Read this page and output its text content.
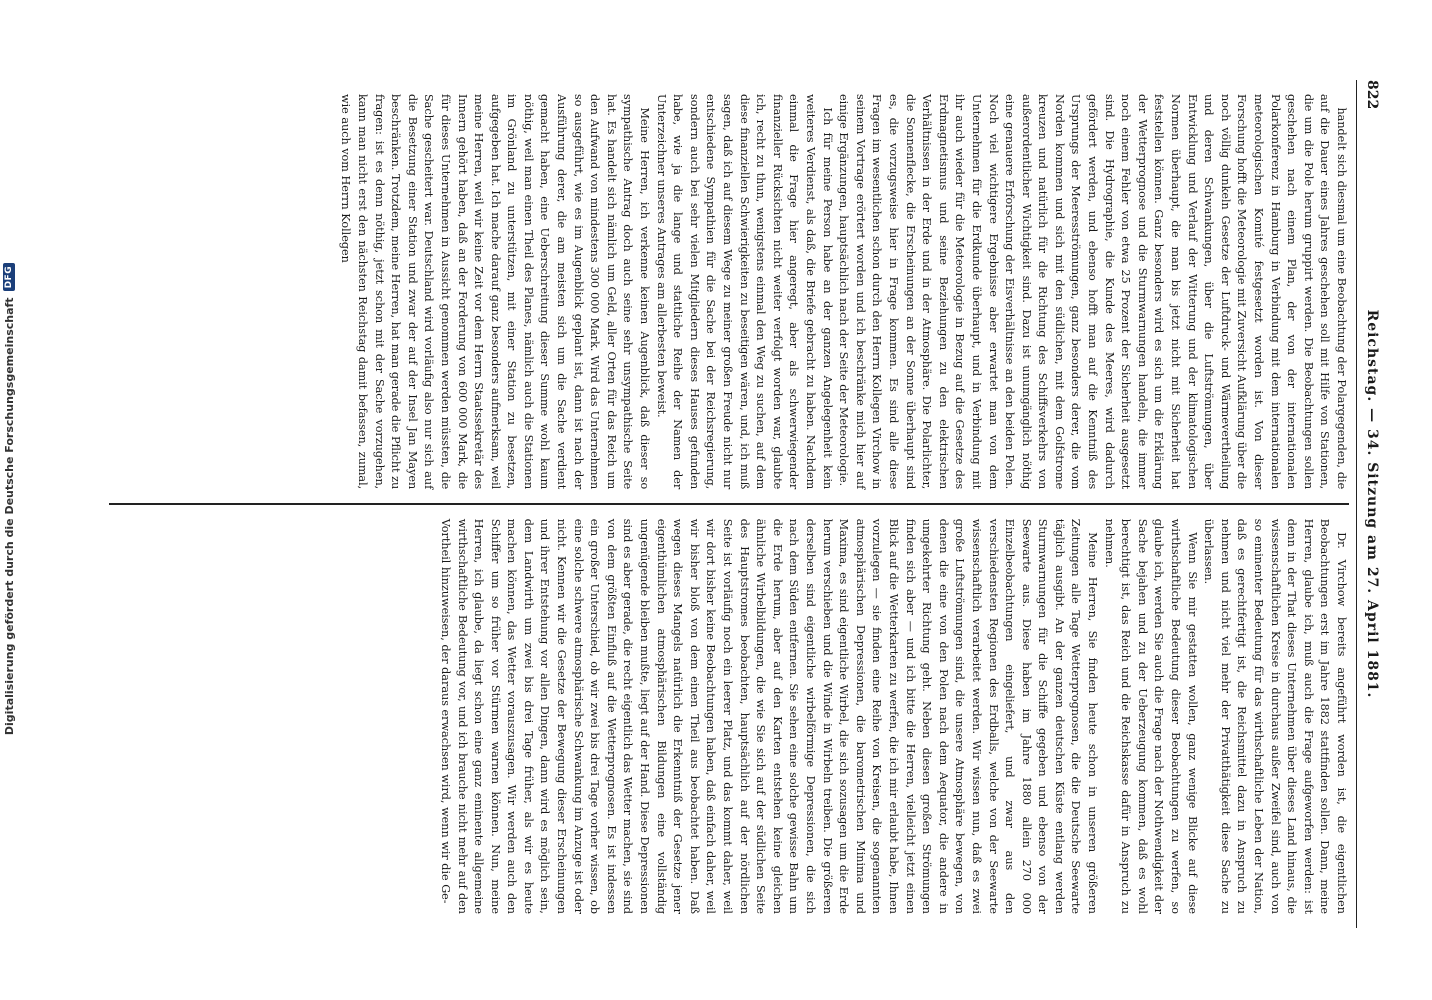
Digitalisierung gefördert durch die Deutsche Forschungsgemeinschaft
DFG
822
Reichstag. — 34. Sitzung am 27. April 1881.

handelt sich diesmal um eine Beobachtung der Polargegenden, die auf die Dauer eines Jahres geschehen soll mit Hilfe von Stationen, die um die Pole herum gruppirt werden. Die Beobachtungen sollen geschehen nach einem Plan, der von der internationalen Polarkonferenz in Hamburg in Verbindung mit dem internationalen meteorologischen Komité festgesetzt worden ist. Von dieser Forschung hofft die Meteorologie mit Zuversicht Aufklärung über die noch völlig dunkeln Gesetze der Luftdruck- und Wärmevertheilung und deren Schwankungen, über die Luftströmungen, über Entwicklung und Verlauf der Witterung und der klimatologischen Normen überhaupt, die man bis jetzt nicht mit Sicherheit hat feststellen können. Ganz besonders wird es sich um die Erklärung der Wetterprognose und die Sturmwarnungen handeln, die immer noch einem Fehler von etwa 25 Prozent der Sicherheit ausgesetzt sind. Die Hydrographie, die Kunde des Meeres, wird dadurch gefördert werden, und ebenso hofft man auf die Kenntniß des Ursprungs der Meeresströmungen, ganz besonders derer, die vom Norden kommen und sich mit den südlichen, mit dem Golfstrome kreuzen und natürlich für die Richtung des Schiffsverkehrs von außerordentlicher Wichtigkeit sind. Dazu ist unumgänglich nöthig eine genauere Erforschung der Eisverhältnisse an den beiden Polen. Noch viel wichtigere Ergebnisse aber erwartet man von dem Unternehmen für die Erdkunde überhaupt, und in Verbindung mit ihr auch wieder für die Meteorologie in Bezug auf die Gesetze des Erdmagnetismus und seine Beziehungen zu den elektrischen Verhältnissen in der Erde und in der Atmosphäre. Die Polarlichter, die Sonnenflecke, die Erscheinungen an der Sonne überhaupt sind es, die vorzugsweise hier in Frage kommen. Es sind alle diese Fragen im wesentlichen schon durch den Herrn Kollegen Virchow in seinem Vortrage erörtert worden und ich beschränke mich hier auf einige Ergänzungen, hauptsächlich nach der Seite der Meteorologie.

Ich für meine Person habe an der ganzen Angelegenheit kein weiteres Verdienst, als daß, die Briefe gebracht zu haben. Nachdem einmal die Frage hier angeregt, aber als schwerwiegender finanzieller Rücksichten nicht weiter verfolgt worden war, glaubte ich, recht zu thun, wenigstens einmal den Weg zu suchen, auf dem diese finanziellen Schwierigkeiten zu beseitigen wären, und, ich muß sagen, daß ich auf diesem Wege zu meiner großen Freude nicht nur entschiedene Sympathien für die Sache bei der Reichsregierung, sondern auch bei sehr vielen Mitgliedern dieses Hauses gefunden habe, wie ja die lange und stattliche Reihe der Namen der Unterzeichner unseres Antrages am allerbesten beweist.

Meine Herren, ich verkenne keinen Augenblick, daß dieser so sympathische Antrag doch auch seine sehr unsympathische Seite hat. Es handelt sich nämlich um Geld, aller Orten für das Reich um den Aufwand von mindestens 300 000 Mark. Wird das Unternehmen so ausgeführt, wie es im Augenblick geplant ist, dann ist nach der Ausführung derer, die am meisten sich um die Sache verdient gemacht haben, eine Ueberschreitung dieser Summe wohl kaum nöthig, weil man einen Theil des Planes, nämlich auch die Stationen im Grönland zu unterstützen, mit einer Station zu besetzen, aufgegeben hat. Ich mache darauf ganz besonders aufmerksam, weil meine Herren, weil wir keine Zeit vor dem Herrn Staatssekretär des Innern gehört haben, daß an der Forderung von 600 000 Mark, die für dieses Unternehmen in Aussicht genommen werden müssten, die Sache gescheitert war. Deutschland wird vorläufig also nur sich auf die Besetzung einer Station und zwar der auf der Insel Jan Mayen beschränken. Trotzdem, meine Herren, hat man gerade die Pflicht zu fragen: ist es denn nöthig, jetzt schon mit der Sache vorzugehen, kann man nicht erst den nächsten Reichstag damit befassen, zumal, wie auch vom Herrn Kollegen

Dr. Virchow bereits angeführt worden ist, die eigentlichen Beobachtungen erst im Jahre 1882 stattfinden sollen. Dann, meine Herren, glaube ich, muß auch die Frage aufgeworfen werden: ist denn in der That dieses Unternehmen über dieses Land hinaus, die wissenschaftlichen Kreise in durchaus außer Zweifel sind, auch von so eminenter Bedeutung für das wirthschaftliche Leben der Nation, daß es gerechtfertigt ist, die Reichsmittel dazu in Anspruch zu nehmen und nicht viel mehr der Privatthätigkeit diese Sache zu überlassen.

Wenn Sie mir gestatten wollen, ganz wenige Blicke auf diese wirthschaftliche Bedeutung dieser Beobachtungen zu werfen, so glaube ich, werden Sie auch die Frage nach der Nothwendigkeit der Sache bejahen und zu der Ueberzeugung kommen, daß es wohl berechtigt ist, das Reich und die Reichskasse dafür in Anspruch zu nehmen.

Meine Herren, Sie finden heute schon in unseren größeren Zeitungen alle Tage Wetterprognosen, die die Deutsche Seewarte täglich ausgibt. An der ganzen deutschen Küste entlang werden Sturmwarnungen für die Schiffe gegeben und ebenso von der Seewarte aus. Diese haben im Jahre 1880 allein 270 000 Einzelbeobachtungen eingeliefert, und zwar aus den verschiedensten Regionen des Erdballs, welche von der Seewarte wissenschaftlich verarbeitet werden. Wir wissen nun, daß es zwei große Luftströmungen sind, die unsere Atmosphäre bewegen, von denen die eine von den Polen nach dem Aequator, die andere in umgekehrter Richtung geht. Neben diesen großen Strömungen finden sich aber — und ich bitte die Herren, vielleicht jetzt einen Blick auf die Wetterkarten zu werfen, die ich mir erlaubt habe, Ihnen vorzulegen — sie finden eine Reihe von Kreisen, die sogenannten atmosphärischen Depressionen, die barometrischen Minima und Maxima, es sind eigentliche Wirbel, die sich sozusagen um die Erde herum verschieben und die Winde in Wirbeln treiben. Die größeren derselben sind eigentliche wirbelförmige Depressionen, die sich nach dem Süden entfernen. Sie sehen eine solche gewisse Bahn um die Erde herum, aber auf den Karten entstehen keine gleichen ähnliche Wirbelbildungen, die wie Sie sich auf der südlichen Seite des Hauptstromes beobachten, hauptsächlich auf der nördlichen Seite ist vorläufig noch ein leerer Platz, und das kommt daher, weil wir dort bisher keine Beobachtungen haben, daß einfach daher, weil wir bisher bloß von dem einen Theil aus beobachtet haben. Daß wegen dieses Mangels natürlich die Erkenntniß der Gesetze jener eigenthümlichen atmosphärischen Bildungen eine vollständig ungenügende bleiben mußte, liegt auf der Hand. Diese Depressionen sind es aber gerade, die recht eigentlich das Wetter machen, sie sind von dem größten Einfluß auf die Wetterprognosen. Es ist indessen ein großer Unterschied, ob wir zwei bis drei Tage vorher wissen, ob eine solche schwere atmosphärische Schwankung im Anzuge ist oder nicht. Kennen wir die Gesetze der Bewegung dieser Erscheinungen und ihrer Entstehung vor allen Dingen, dann wird es möglich sein, dem Landwirth um zwei bis drei Tage früher, als wir es heute machen können, das Wetter vorauszusagen. Wir werden auch den Schiffer um so früher vor Stürmen warnen können. Nun, meine Herren, ich glaube, da liegt schon eine ganz eminente allgemeine wirthschaftliche Bedeutung vor, und ich brauche nicht mehr auf den Vortheil hinzuweisen, der daraus erwachsen wird, wenn wir die Ge-
